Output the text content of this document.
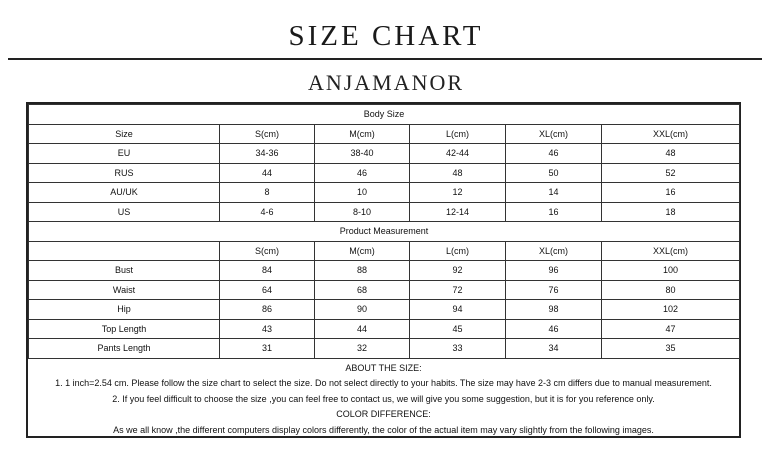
SIZE CHART
ANJAMANOR
Body Size					
Size	S(cm)	M(cm)	L(cm)	XL(cm)	XXL(cm)
EU	34-36	38-40	42-44	46	48
RUS	44	46	48	50	52
AU/UK	8	10	12	14	16
US	4-6	8-10	12-14	16	18
Product Measurement					
	S(cm)	M(cm)	L(cm)	XL(cm)	XXL(cm)
Bust	84	88	92	96	100
Waist	64	68	72	76	80
Hip	86	90	94	98	102
Top Length	43	44	45	46	47
Pants Length	31	32	33	34	35
ABOUT THE SIZE:
1. 1 inch=2.54 cm. Please follow the size chart to select the size. Do not select directly to your habits. The size may have 2-3 cm differs due to manual measurement.
2. If you feel difficult to choose the size ,you can feel free to contact us, we will give you some suggestion, but it is for you reference only.
COLOR DIFFERENCE:
As we all know ,the different computers display colors differently, the color of the actual item may vary slightly from the following images.
